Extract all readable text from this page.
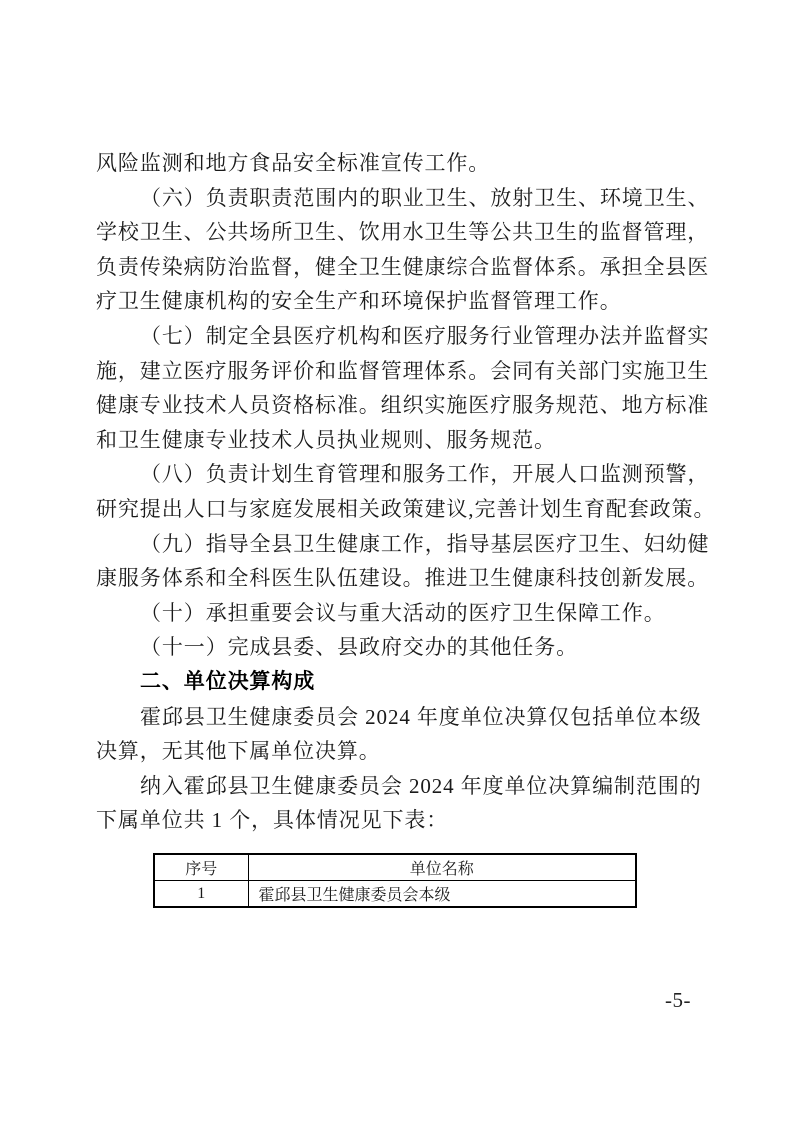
风险监测和地方食品安全标准宣传工作。
（六）负责职责范围内的职业卫生、放射卫生、环境卫生、
学校卫生、公共场所卫生、饮用水卫生等公共卫生的监督管理，
负责传染病防治监督，健全卫生健康综合监督体系。承担全县医
疗卫生健康机构的安全生产和环境保护监督管理工作。
（七）制定全县医疗机构和医疗服务行业管理办法并监督实
施，建立医疗服务评价和监督管理体系。会同有关部门实施卫生
健康专业技术人员资格标准。组织实施医疗服务规范、地方标准
和卫生健康专业技术人员执业规则、服务规范。
（八）负责计划生育管理和服务工作，开展人口监测预警，
研究提出人口与家庭发展相关政策建议,完善计划生育配套政策。
（九）指导全县卫生健康工作，指导基层医疗卫生、妇幼健
康服务体系和全科医生队伍建设。推进卫生健康科技创新发展。
（十）承担重要会议与重大活动的医疗卫生保障工作。
（十一）完成县委、县政府交办的其他任务。
二、单位决算构成
霍邱县卫生健康委员会 2024 年度单位决算仅包括单位本级
决算，无其他下属单位决算。
纳入霍邱县卫生健康委员会 2024 年度单位决算编制范围的
下属单位共 1 个，具体情况见下表：
序号	单位名称
1	霍邱县卫生健康委员会本级
-5-
